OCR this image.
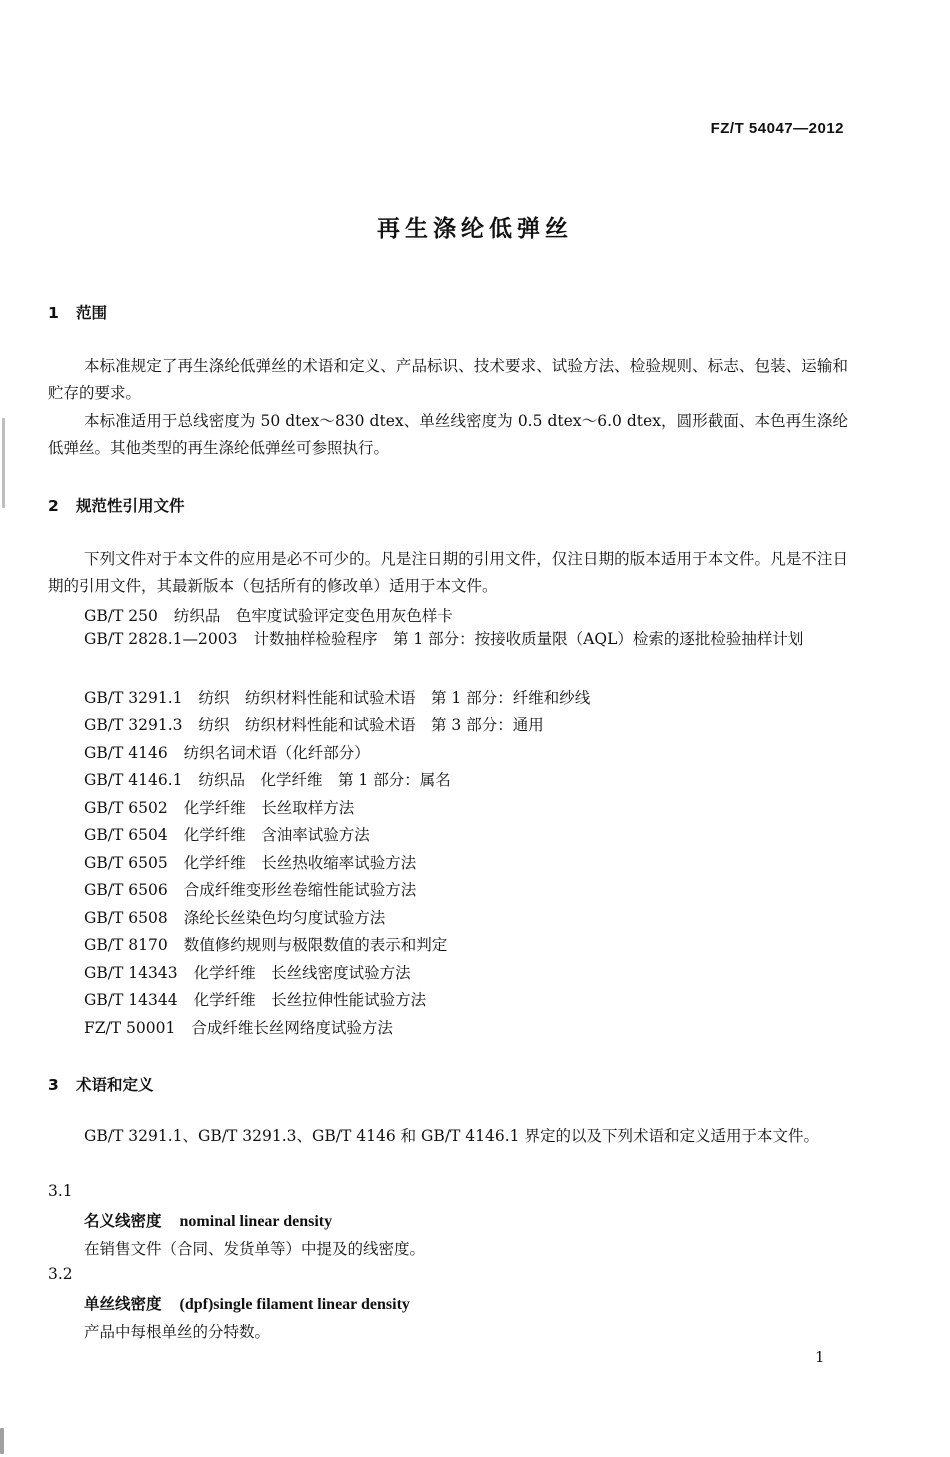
FZ/T 54047—2012
再生涤纶低弹丝
1 范围
本标准规定了再生涤纶低弹丝的术语和定义、产品标识、技术要求、试验方法、检验规则、标志、包装、运输和贮存的要求。
本标准适用于总线密度为 50 dtex～830 dtex、单丝线密度为 0.5 dtex～6.0 dtex，圆形截面、本色再生涤纶低弹丝。其他类型的再生涤纶低弹丝可参照执行。
2 规范性引用文件
下列文件对于本文件的应用是必不可少的。凡是注日期的引用文件，仅注日期的版本适用于本文件。凡是不注日期的引用文件，其最新版本（包括所有的修改单）适用于本文件。
GB/T 250 纺织品　色牢度试验评定变色用灰色样卡
GB/T 2828.1—2003 计数抽样检验程序　第 1 部分：按接收质量限（AQL）检索的逐批检验抽样计划
GB/T 3291.1 纺织　纺织材料性能和试验术语　第 1 部分：纤维和纱线
GB/T 3291.3 纺织　纺织材料性能和试验术语　第 3 部分：通用
GB/T 4146 纺织名词术语（化纤部分）
GB/T 4146.1 纺织品　化学纤维　第 1 部分：属名
GB/T 6502 化学纤维　长丝取样方法
GB/T 6504 化学纤维　含油率试验方法
GB/T 6505 化学纤维　长丝热收缩率试验方法
GB/T 6506 合成纤维变形丝卷缩性能试验方法
GB/T 6508 涤纶长丝染色均匀度试验方法
GB/T 8170 数值修约规则与极限数值的表示和判定
GB/T 14343 化学纤维　长丝线密度试验方法
GB/T 14344 化学纤维　长丝拉伸性能试验方法
FZ/T 50001 合成纤维长丝网络度试验方法
3 术语和定义
GB/T 3291.1、GB/T 3291.3、GB/T 4146 和 GB/T 4146.1 界定的以及下列术语和定义适用于本文件。
3.1
名义线密度 nominal linear density
在销售文件（合同、发货单等）中提及的线密度。
3.2
单丝线密度 (dpf)single filament linear density
产品中每根单丝的分特数。
1
